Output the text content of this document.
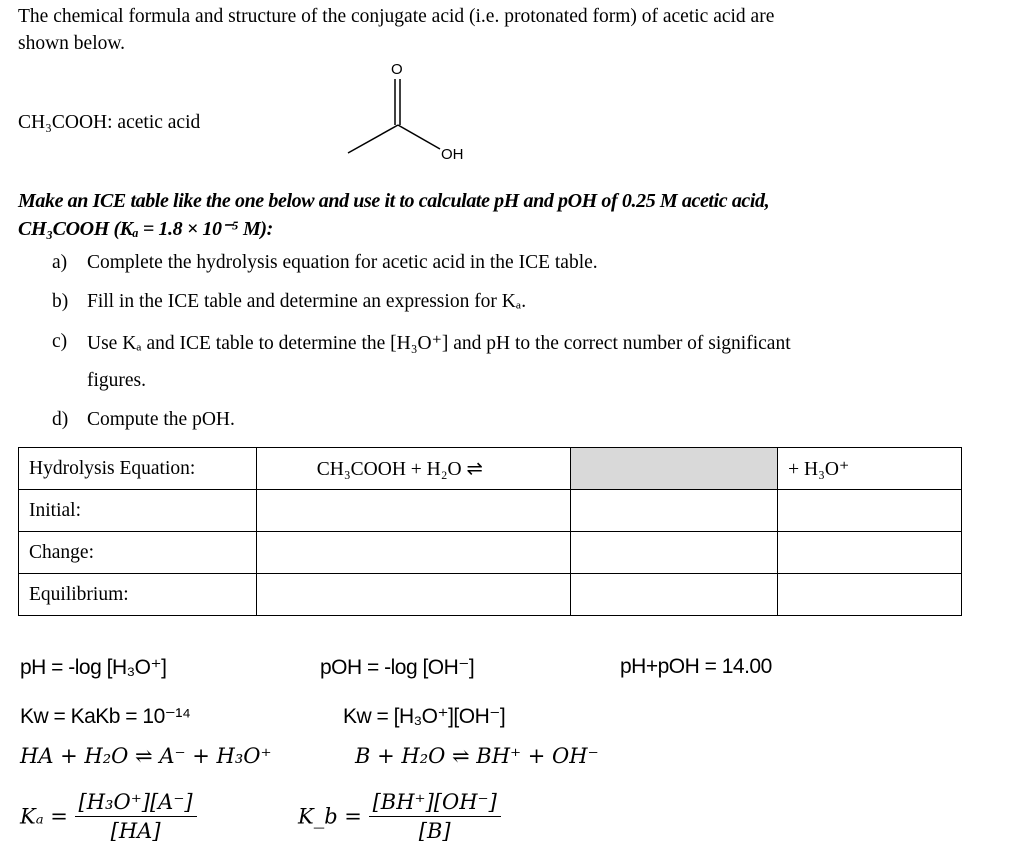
The chemical formula and structure of the conjugate acid (i.e. protonated form) of acetic acid are
shown below.
CH₃COOH: acetic acid
O
OH
Make an ICE table like the one below and use it to calculate pH and pOH of 0.25 M acetic acid,
CH₃COOH (Kₐ = 1.8 × 10⁻⁵ M):
a) Complete the hydrolysis equation for acetic acid in the ICE table.
b) Fill in the ICE table and determine an expression for Kₐ.
c) Use Kₐ and ICE table to determine the [H₃O⁺] and pH to the correct number of significant
figures.
d) Compute the pOH.
Hydrolysis Equation:	CH₃COOH + H₂O ⇌		+ H₃O⁺
Initial:			
Change:			
Equilibrium:			
pH = -log [H₃O⁺]	pOH = -log [OH⁻]	pH+pOH = 14.00
Kw = KaKb = 10⁻¹⁴	Kw = [H₃O⁺][OH⁻]
HA + H₂O ⇌ A⁻ + H₃O⁺	B + H₂O ⇌ BH⁺ + OH⁻
$K_a = \frac{\text{[H₃O⁺][A⁻]}}{[HA]}$	K_b = $\frac{[BH^+][OH^-]}{[B]}$
